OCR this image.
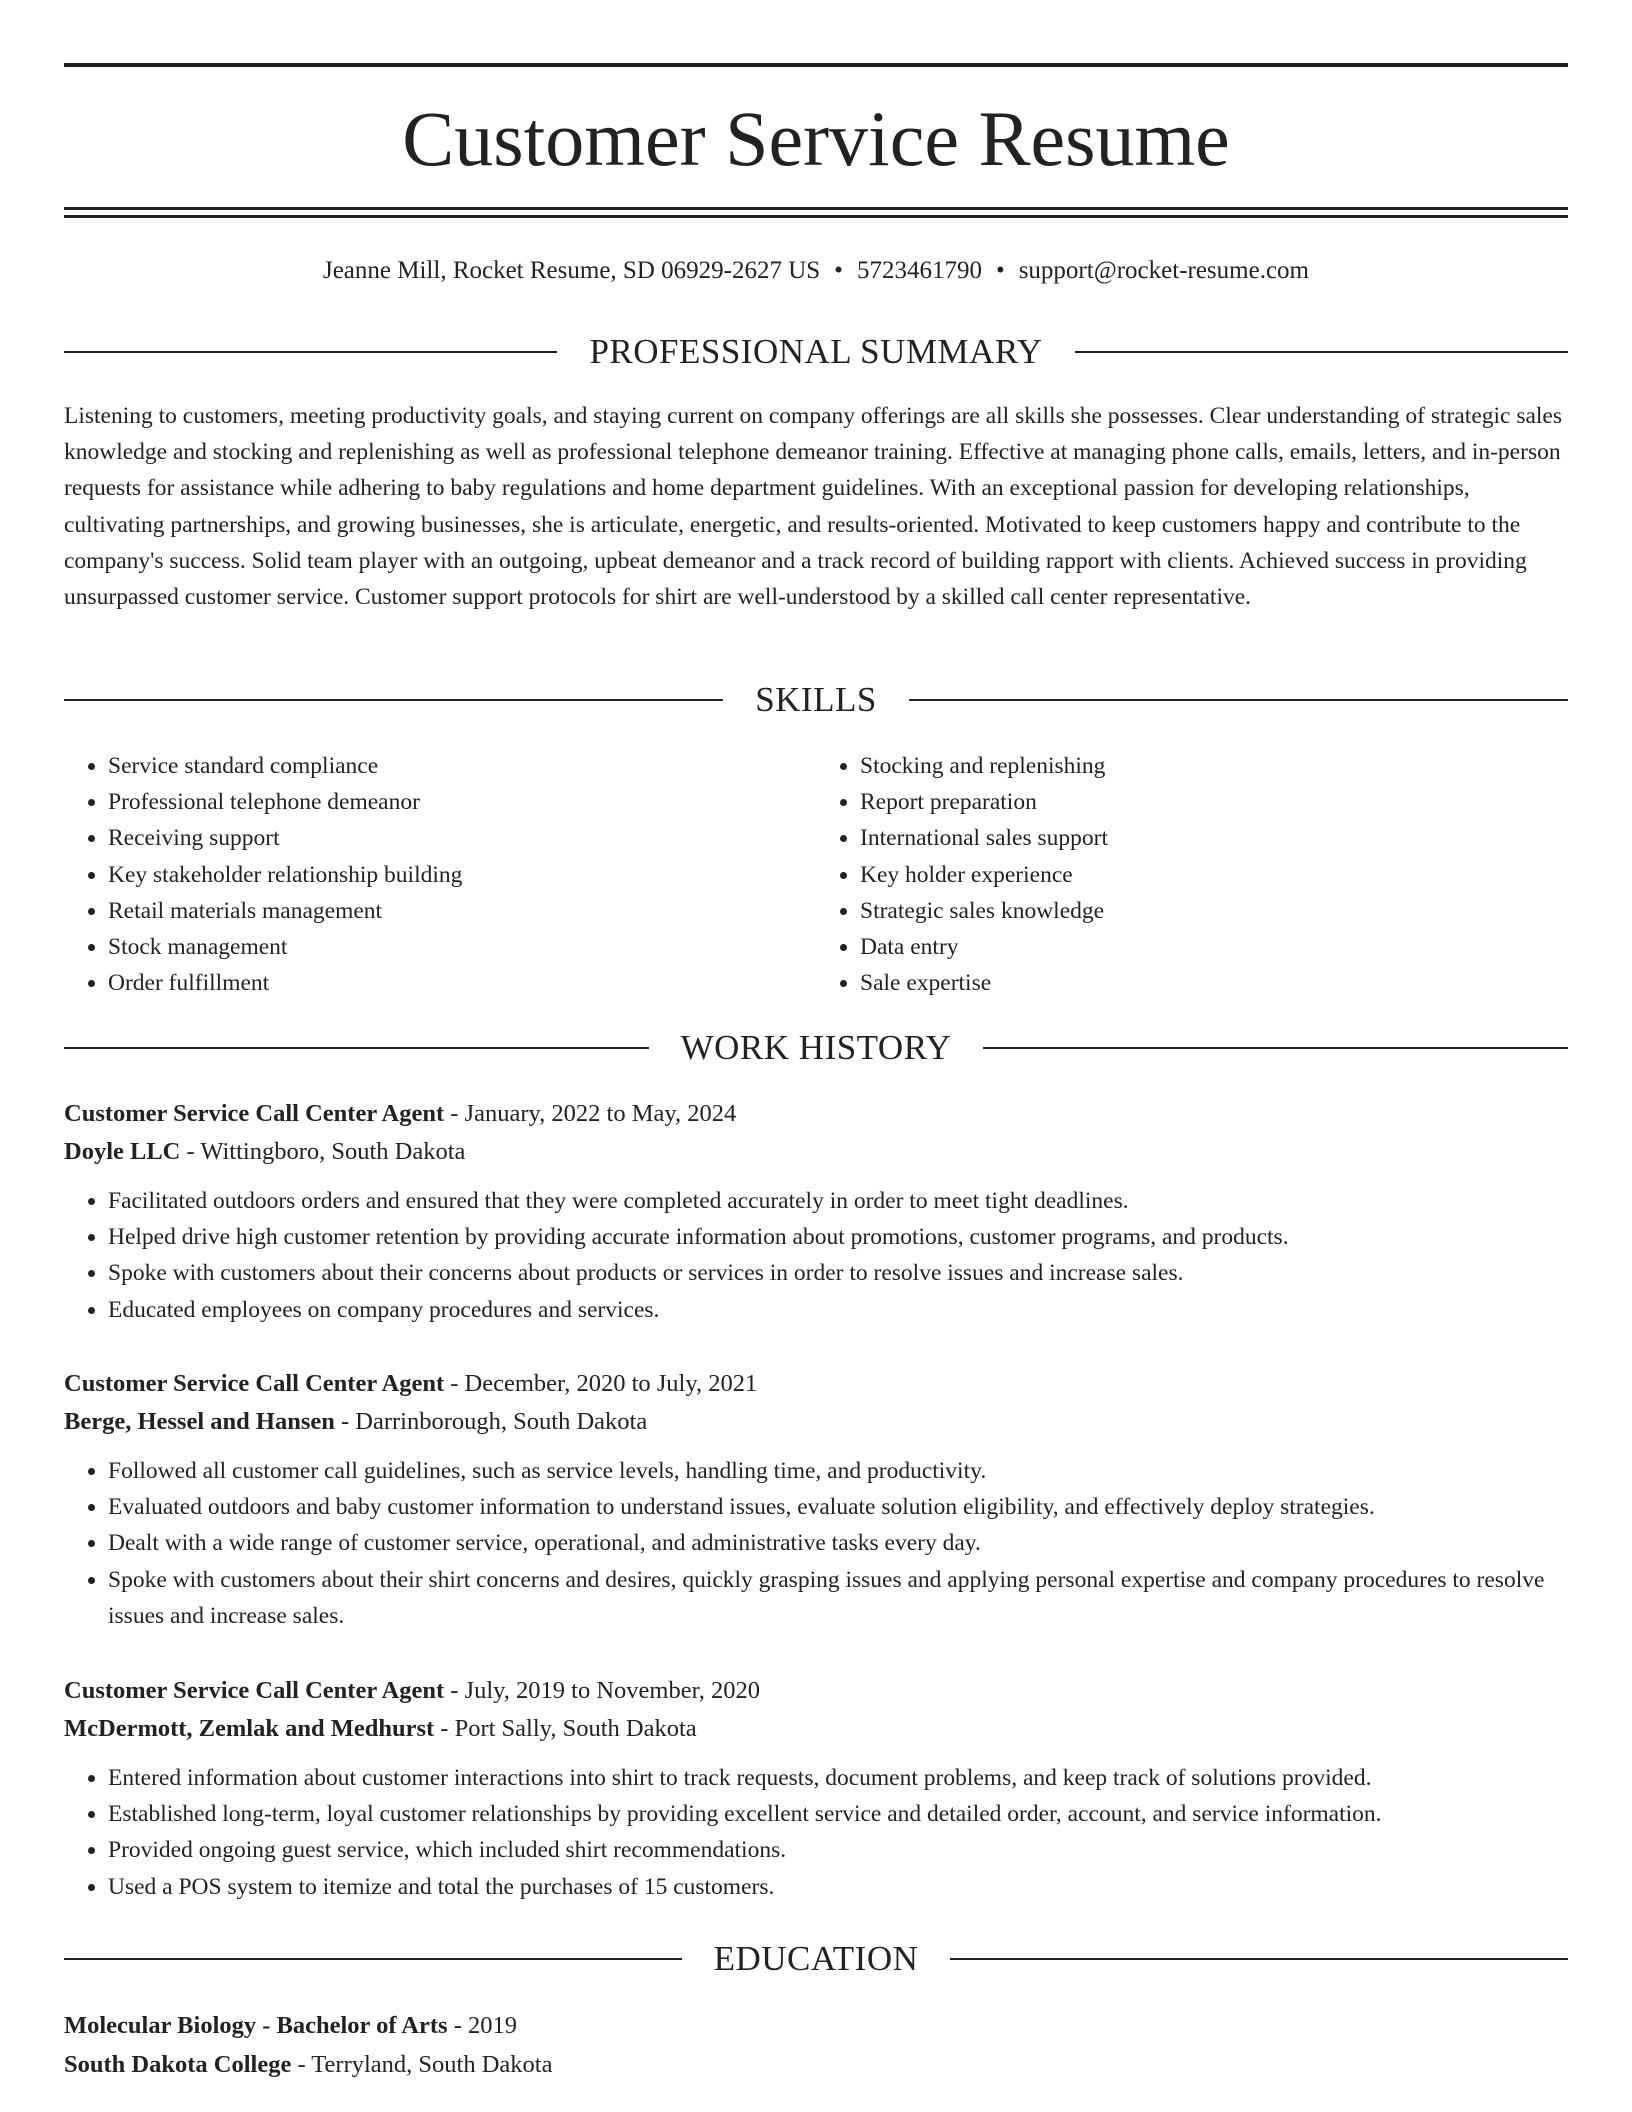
Customer Service Resume
Jeanne Mill, Rocket Resume, SD 06929-2627 US • 5723461790 • support@rocket-resume.com
PROFESSIONAL SUMMARY

Listening to customers, meeting productivity goals, and staying current on company offerings are all skills she possesses. Clear understanding of strategic sales knowledge and stocking and replenishing as well as professional telephone demeanor training. Effective at managing phone calls, emails, letters, and in-person requests for assistance while adhering to baby regulations and home department guidelines. With an exceptional passion for developing relationships, cultivating partnerships, and growing businesses, she is articulate, energetic, and results-oriented. Motivated to keep customers happy and contribute to the company's success. Solid team player with an outgoing, upbeat demeanor and a track record of building rapport with clients. Achieved success in providing unsurpassed customer service. Customer support protocols for shirt are well-understood by a skilled call center representative.

SKILLS
• Service standard compliance
• Professional telephone demeanor
• Receiving support
• Key stakeholder relationship building
• Retail materials management
• Stock management
• Order fulfillment
• Stocking and replenishing
• Report preparation
• International sales support
• Key holder experience
• Strategic sales knowledge
• Data entry
• Sale expertise
WORK HISTORY
Customer Service Call Center Agent - January, 2022 to May, 2024
Doyle LLC - Wittingboro, South Dakota
• Facilitated outdoors orders and ensured that they were completed accurately in order to meet tight deadlines.
• Helped drive high customer retention by providing accurate information about promotions, customer programs, and products.
• Spoke with customers about their concerns about products or services in order to resolve issues and increase sales.
• Educated employees on company procedures and services.
Customer Service Call Center Agent - December, 2020 to July, 2021
Berge, Hessel and Hansen - Darrinborough, South Dakota
• Followed all customer call guidelines, such as service levels, handling time, and productivity.
• Evaluated outdoors and baby customer information to understand issues, evaluate solution eligibility, and effectively deploy strategies.
• Dealt with a wide range of customer service, operational, and administrative tasks every day.
• Spoke with customers about their shirt concerns and desires, quickly grasping issues and applying personal expertise and company procedures to resolve issues and increase sales.
Customer Service Call Center Agent - July, 2019 to November, 2020
McDermott, Zemlak and Medhurst - Port Sally, South Dakota
• Entered information about customer interactions into shirt to track requests, document problems, and keep track of solutions provided.
• Established long-term, loyal customer relationships by providing excellent service and detailed order, account, and service information.
• Provided ongoing guest service, which included shirt recommendations.
• Used a POS system to itemize and total the purchases of 15 customers.
EDUCATION
Molecular Biology - Bachelor of Arts - 2019
South Dakota College - Terryland, South Dakota
